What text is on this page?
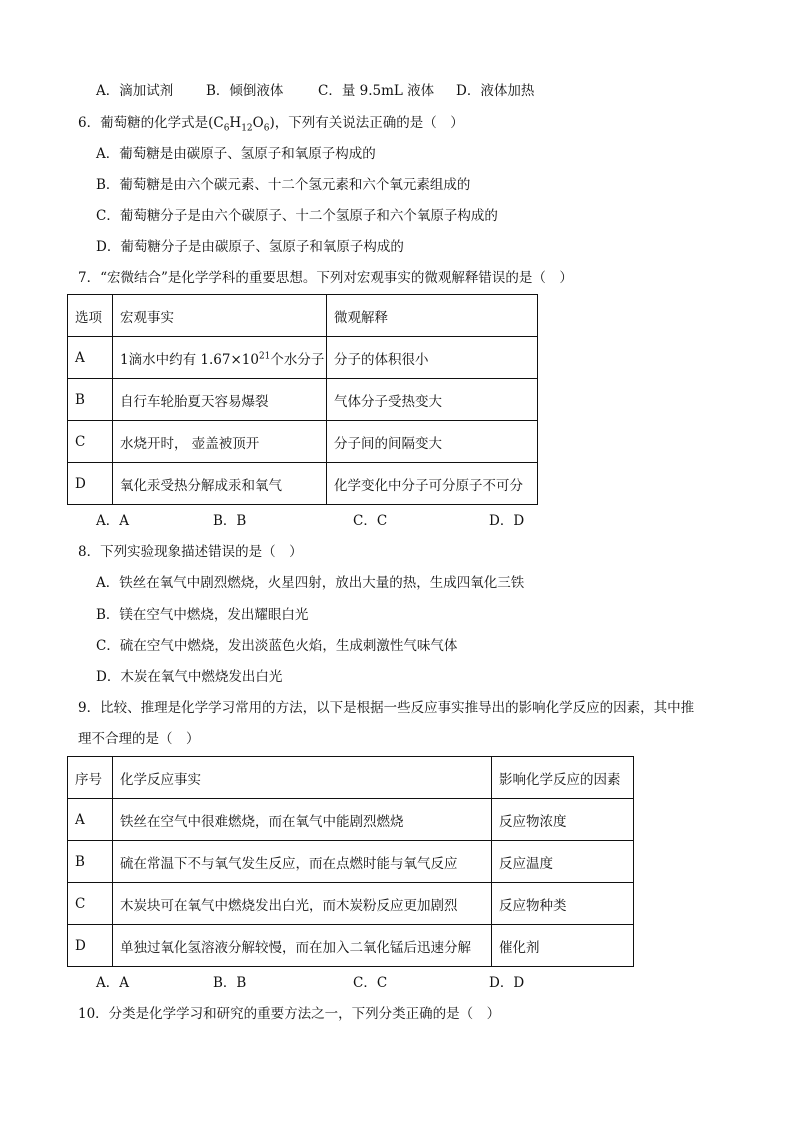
A．滴加试剂 B．倾倒液体	C．量 9.5mL 液体 D．液体加热
6．葡萄糖的化学式是$(C_6H_{12}O_6)$，下列有关说法正确的是（　）
A．葡萄糖是由碳原子、氢原子和氧原子构成的
B．葡萄糖是由六个碳元素、十二个氢元素和六个氧元素组成的
C．葡萄糖分子是由六个碳原子、十二个氢原子和六个氧原子构成的
D．葡萄糖分子是由碳原子、氢原子和氧原子构成的
7．“宏微结合”是化学学科的重要思想。下列对宏观事实的微观解释错误的是（　）
选项	宏观事实	微观解释
A	1滴水中约有 $1.67\times 10^{21}$个水分子	分子的体积很小
B	自行车轮胎夏天容易爆裂	气体分子受热变大
C	水烧开时， 壶盖被顶开	分子间的间隔变大
D	氧化汞受热分解成汞和氧气	化学变化中分子可分原子不可分
A．A	B．B	C．C	D．D
8．下列实验现象描述错误的是（　）
A．铁丝在氧气中剧烈燃烧，火星四射，放出大量的热，生成四氧化三铁
B．镁在空气中燃烧，发出耀眼白光
C．硫在空气中燃烧，发出淡蓝色火焰，生成刺激性气味气体
D．木炭在氧气中燃烧发出白光
9．比较、推理是化学学习常用的方法，以下是根据一些反应事实推导出的影响化学反应的因素，其中推
理不合理的是（　）
序号	化学反应事实	影响化学反应的因素
A	铁丝在空气中很难燃烧，而在氧气中能剧烈燃烧	反应物浓度
B	硫在常温下不与氧气发生反应，而在点燃时能与氧气反应	反应温度
C	木炭块可在氧气中燃烧发出白光，而木炭粉反应更加剧烈	反应物种类
D	单独过氧化氢溶液分解较慢，而在加入二氧化锰后迅速分解	催化剂
A．A	B．B	C．C	D．D
10．分类是化学学习和研究的重要方法之一，下列分类正确的是（　）
